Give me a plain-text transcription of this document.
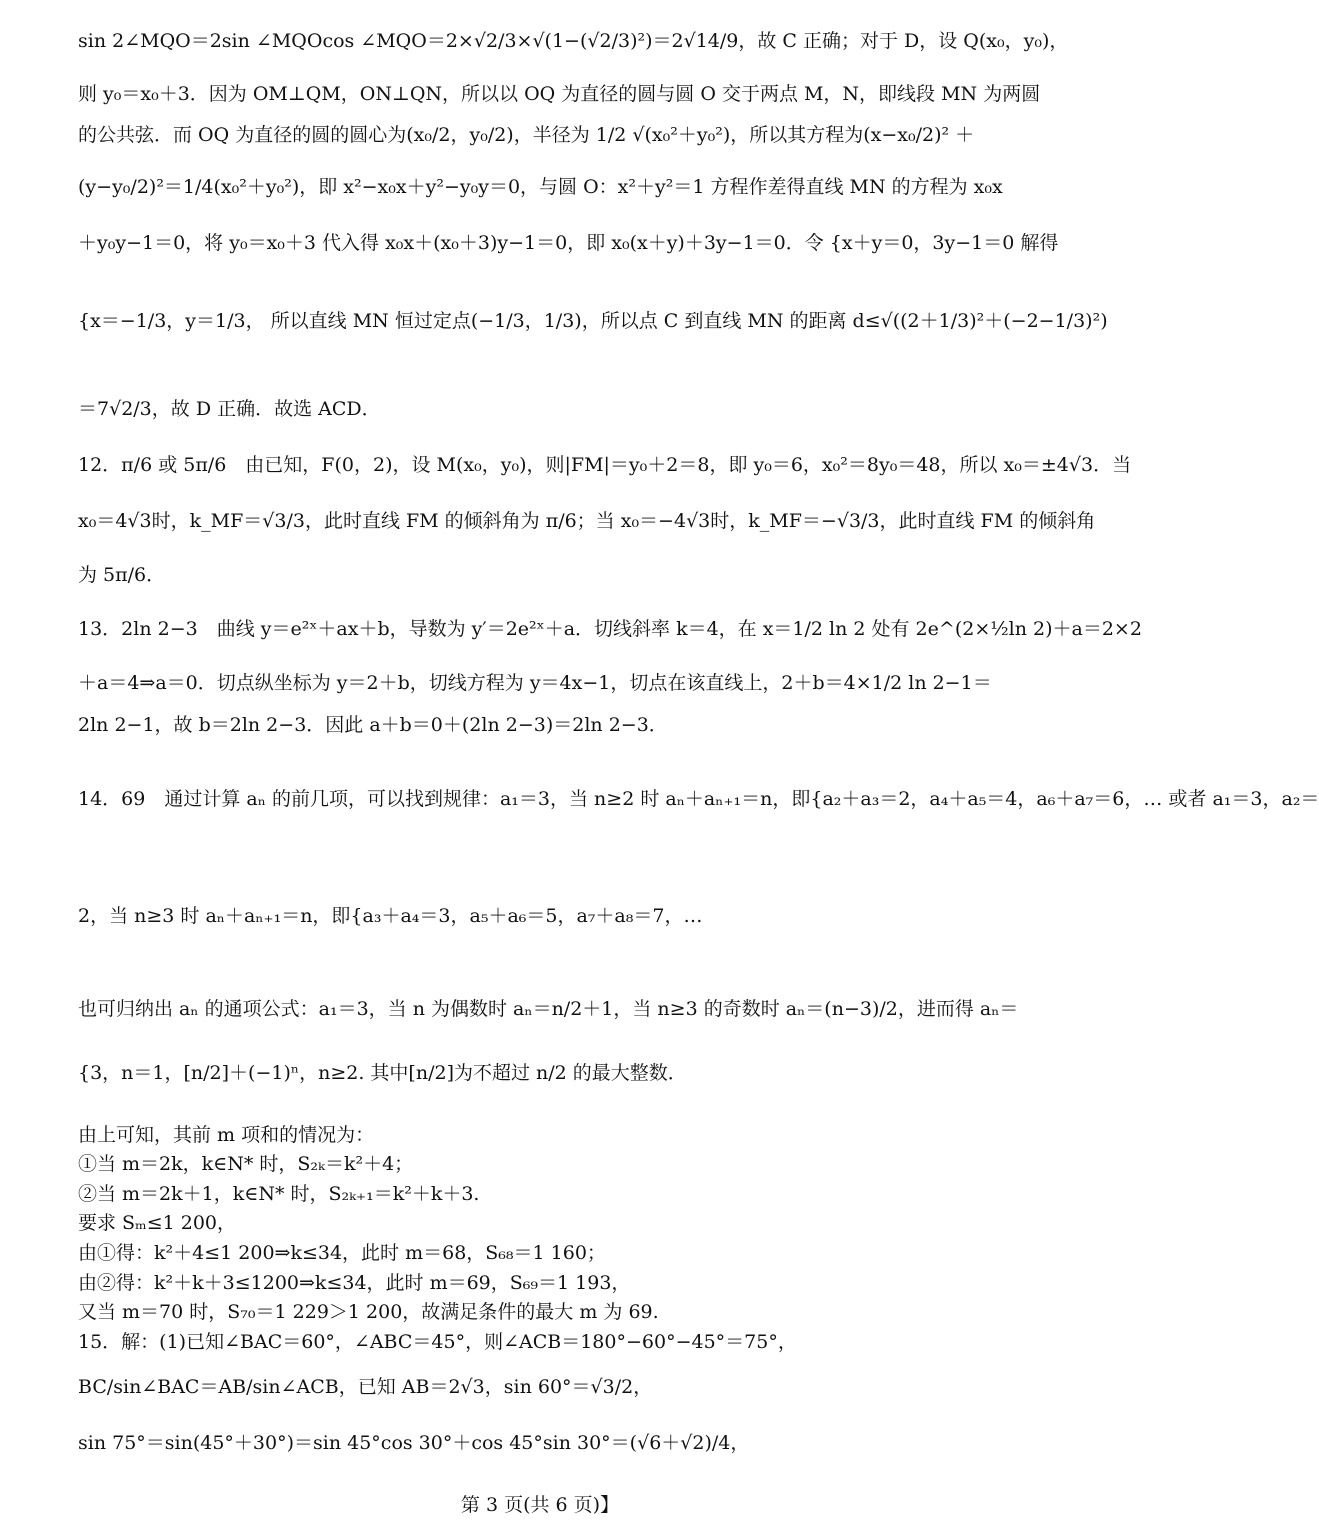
sin 2∠MQO＝2sin ∠MQOcos ∠MQO＝2×√2/3×√(1−(√2/3)²)＝2√14/9，故 C 正确；对于 D，设 Q(x₀，y₀)，
则 y₀＝x₀＋3．因为 OM⊥QM，ON⊥QN，所以以 OQ 为直径的圆与圆 O 交于两点 M，N，即线段 MN 为两圆
的公共弦．而 OQ 为直径的圆的圆心为(x₀/2，y₀/2)，半径为 1/2 √(x₀²＋y₀²)，所以其方程为(x−x₀/2)² ＋
(y−y₀/2)²＝1/4(x₀²＋y₀²)，即 x²−x₀x＋y²−y₀y＝0，与圆 O：x²＋y²＝1 方程作差得直线 MN 的方程为 x₀x
＋y₀y−1＝0，将 y₀＝x₀＋3 代入得 x₀x＋(x₀＋3)y−1＝0，即 x₀(x＋y)＋3y−1＝0．令 {x＋y＝0，3y−1＝0 解得
{x＝−1/3，y＝1/3， 所以直线 MN 恒过定点(−1/3，1/3)，所以点 C 到直线 MN 的距离 d≤√((2＋1/3)²＋(−2−1/3)²)
＝7√2/3，故 D 正确．故选 ACD．
12．π/6 或 5π/6　由已知，F(0，2)，设 M(x₀，y₀)，则|FM|＝y₀＋2＝8，即 y₀＝6，x₀²＝8y₀＝48，所以 x₀＝±4√3．当
x₀＝4√3时，k_MF＝√3/3，此时直线 FM 的倾斜角为 π/6；当 x₀＝−4√3时，k_MF＝−√3/3，此时直线 FM 的倾斜角
为 5π/6．
13．2ln 2−3　曲线 y＝e²ˣ＋ax＋b，导数为 y′＝2e²ˣ＋a．切线斜率 k＝4，在 x＝1/2 ln 2 处有 2e^(2×½ln 2)＋a＝2×2
＋a＝4⇒a＝0．切点纵坐标为 y＝2＋b，切线方程为 y＝4x−1，切点在该直线上，2＋b＝4×1/2 ln 2−1＝
2ln 2−1，故 b＝2ln 2−3．因此 a＋b＝0＋(2ln 2−3)＝2ln 2−3．
14．69　通过计算 aₙ 的前几项，可以找到规律：a₁＝3，当 n≥2 时 aₙ＋aₙ₊₁＝n，即{a₂＋a₃＝2，a₄＋a₅＝4，a₆＋a₇＝6，… 或者 a₁＝3，a₂＝
2，当 n≥3 时 aₙ＋aₙ₊₁＝n，即{a₃＋a₄＝3，a₅＋a₆＝5，a₇＋a₈＝7，…
也可归纳出 aₙ 的通项公式：a₁＝3，当 n 为偶数时 aₙ＝n/2＋1，当 n≥3 的奇数时 aₙ＝(n−3)/2，进而得 aₙ＝
{3，n＝1，[n/2]＋(−1)ⁿ，n≥2. 其中[n/2]为不超过 n/2 的最大整数．
由上可知，其前 m 项和的情况为：
①当 m＝2k，k∈N* 时，S₂ₖ＝k²＋4；
②当 m＝2k＋1，k∈N* 时，S₂ₖ₊₁＝k²＋k＋3.
要求 Sₘ≤1 200，
由①得：k²＋4≤1 200⇒k≤34，此时 m＝68，S₆₈＝1 160；
由②得：k²＋k＋3≤1200⇒k≤34，此时 m＝69，S₆₉＝1 193，
又当 m＝70 时，S₇₀＝1 229＞1 200，故满足条件的最大 m 为 69.
15．解：(1)已知∠BAC＝60°，∠ABC＝45°，则∠ACB＝180°−60°−45°＝75°，
BC/sin∠BAC＝AB/sin∠ACB，已知 AB＝2√3，sin 60°＝√3/2，
sin 75°＝sin(45°＋30°)＝sin 45°cos 30°＋cos 45°sin 30°＝(√6＋√2)/4，
第 3 页(共 6 页)】
